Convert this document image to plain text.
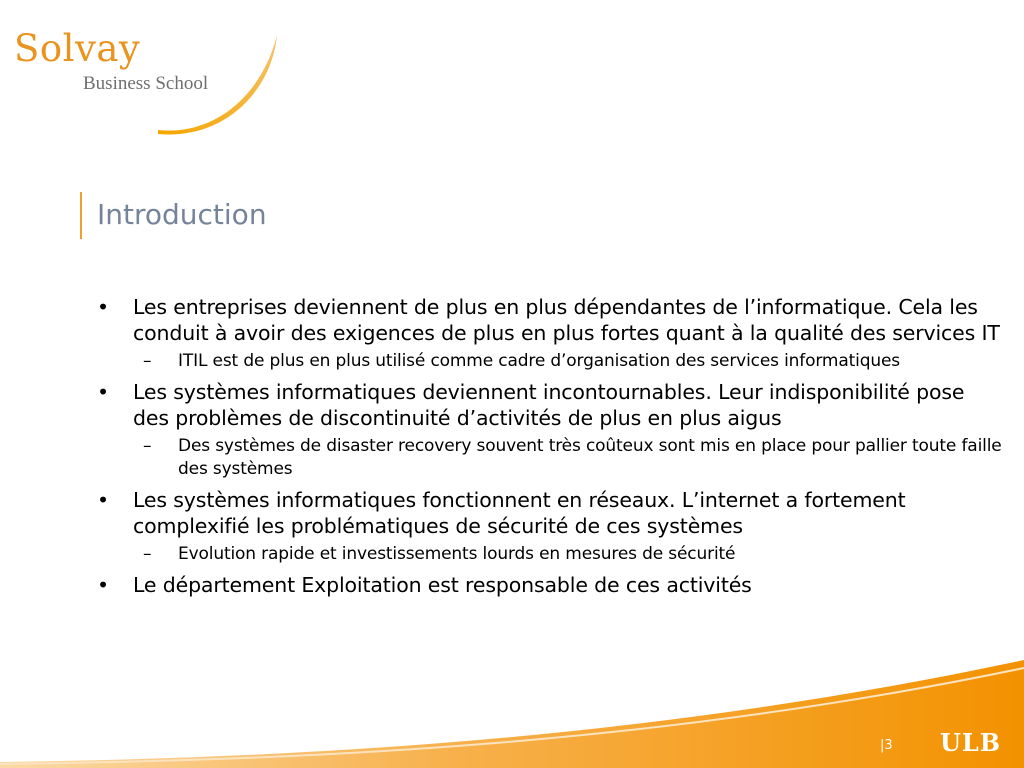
Solvay
Business School
Introduction
• Les entreprises deviennent de plus en plus dépendantes de l’informatique. Cela les conduit à avoir des exigences de plus en plus fortes quant à la qualité des services IT
– ITIL est de plus en plus utilisé comme cadre d’organisation des services informatiques
• Les systèmes informatiques deviennent incontournables. Leur indisponibilité pose des problèmes de discontinuité d’activités de plus en plus aigus
– Des systèmes de disaster recovery souvent très coûteux sont mis en place pour pallier toute faille des systèmes
• Les systèmes informatiques fonctionnent en réseaux. L’internet a fortement complexifié les problématiques de sécurité de ces systèmes
– Evolution rapide et investissements lourds en mesures de sécurité
• Le département Exploitation est responsable de ces activités
|3 ULB
